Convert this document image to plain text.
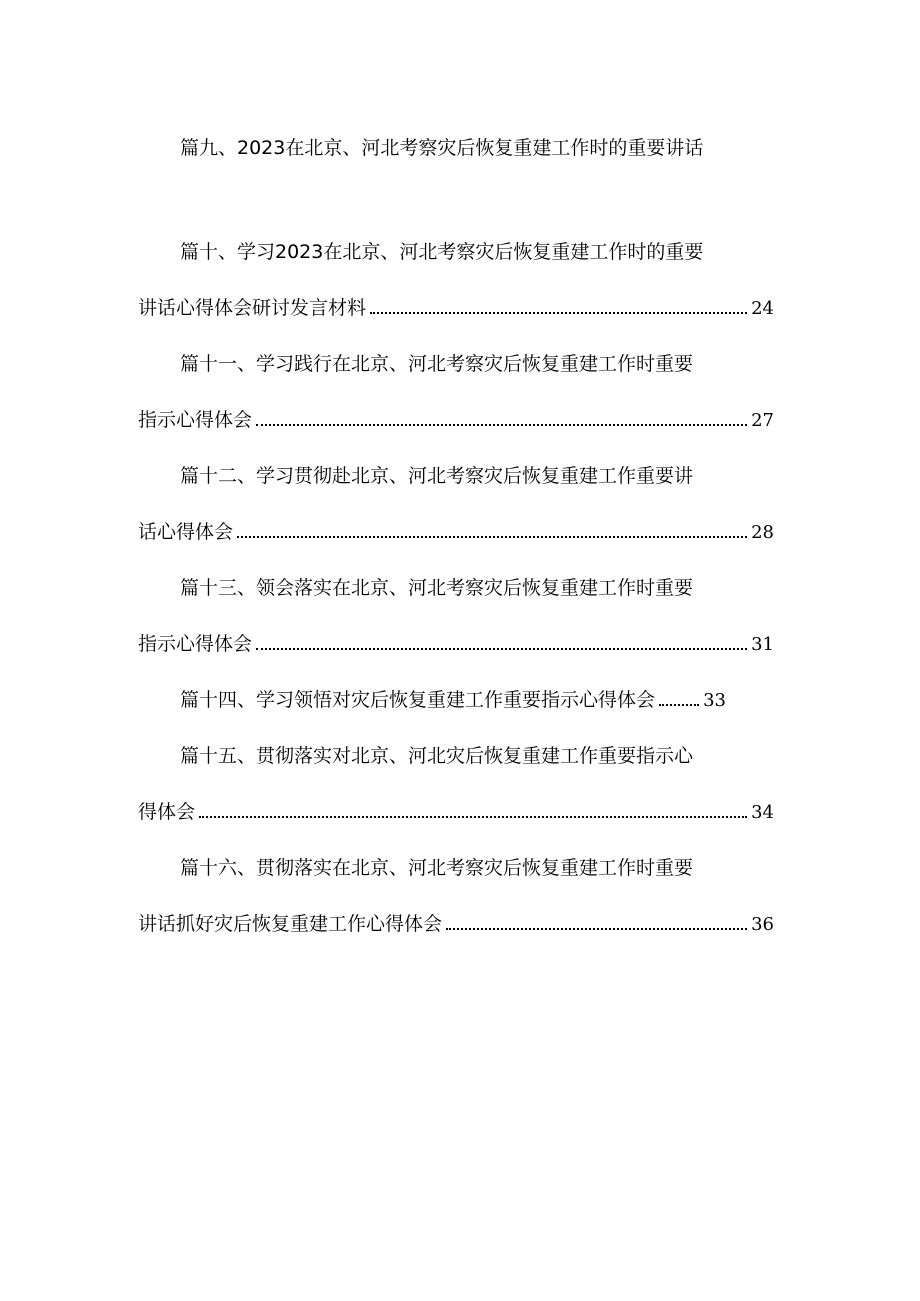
篇九、2023在北京、河北考察灾后恢复重建工作时的重要讲话
篇十、学习2023在北京、河北考察灾后恢复重建工作时的重要
讲话心得体会研讨发言材料	24
篇十一、学习践行在北京、河北考察灾后恢复重建工作时重要
指示心得体会	27
篇十二、学习贯彻赴北京、河北考察灾后恢复重建工作重要讲
话心得体会	28
篇十三、领会落实在北京、河北考察灾后恢复重建工作时重要
指示心得体会	31
篇十四、学习领悟对灾后恢复重建工作重要指示心得体会	33
篇十五、贯彻落实对北京、河北灾后恢复重建工作重要指示心
得体会	34
篇十六、贯彻落实在北京、河北考察灾后恢复重建工作时重要
讲话抓好灾后恢复重建工作心得体会	36
